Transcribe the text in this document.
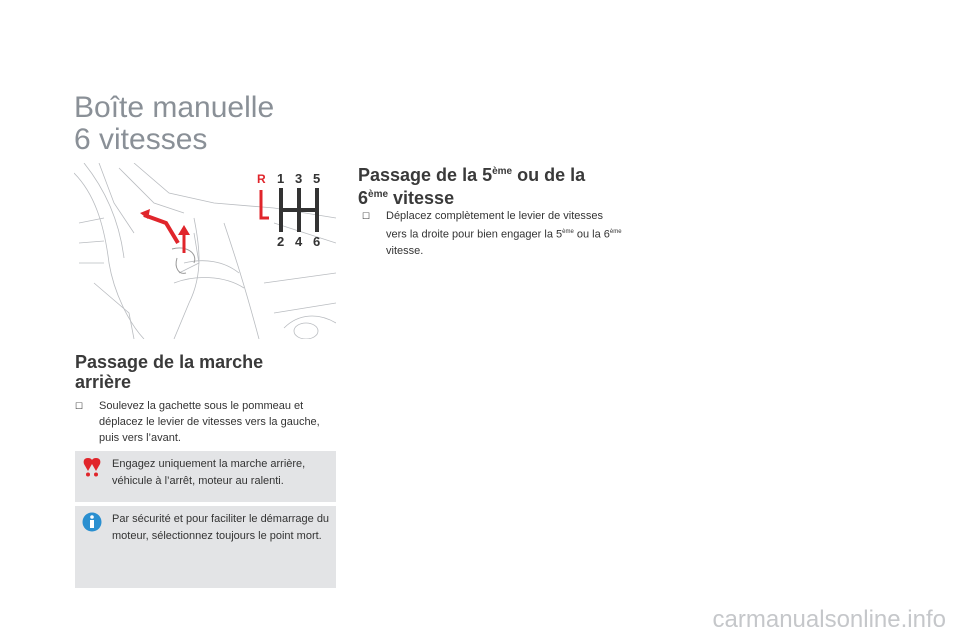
Boîte manuelle
6 vitesses
R 1 3 5
2 4 6
Passage de la marche
arrière
☐	Soulevez la gachette sous le pommeau et déplacez le levier de vitesses vers la gauche, puis vers l’avant.
Engagez uniquement la marche arrière, véhicule à l’arrêt, moteur au ralenti.
Par sécurité et pour faciliter le démarrage du moteur, sélectionnez toujours le point mort.
Passage de la 5ème ou de la
6ème vitesse
☐	Déplacez complètement le levier de vitesses vers la droite pour bien engager la 5ème ou la 6ème vitesse.
carmanualsonline.info
